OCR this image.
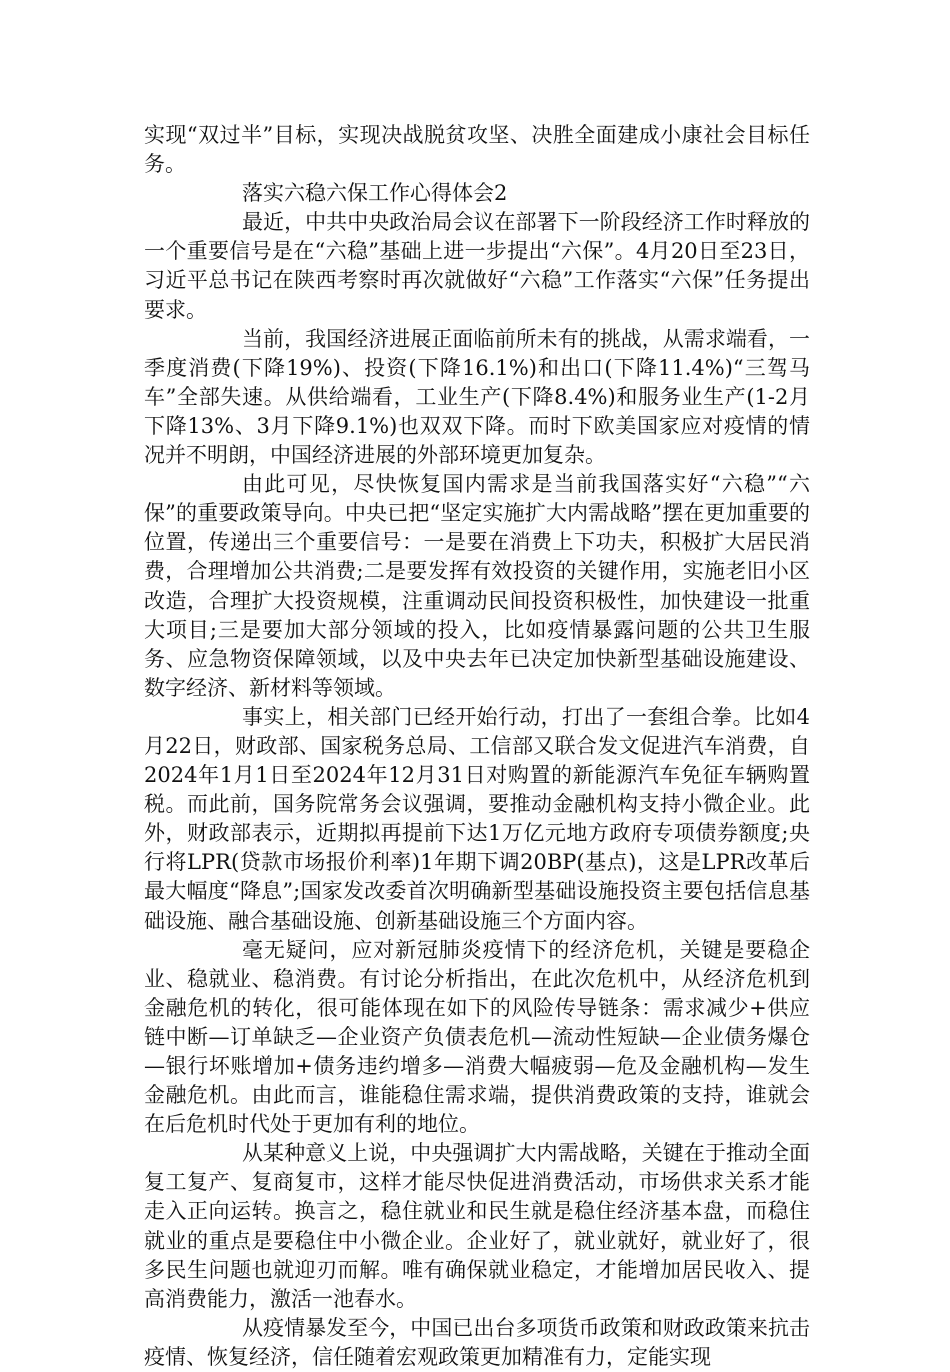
实现“双过半”目标，实现决战脱贫攻坚、决胜全面建成小康社会目标任务。

落实六稳六保工作心得体会2

最近，中共中央政治局会议在部署下一阶段经济工作时释放的一个重要信号是在“六稳”基础上进一步提出“六保”。4月20日至23日，习近平总书记在陕西考察时再次就做好“六稳”工作落实“六保”任务提出要求。

当前，我国经济进展正面临前所未有的挑战，从需求端看，一季度消费(下降19%)、投资(下降16.1%)和出口(下降11.4%)“三驾马车”全部失速。从供给端看，工业生产(下降8.4%)和服务业生产(1-2月下降13%、3月下降9.1%)也双双下降。而时下欧美国家应对疫情的情况并不明朗，中国经济进展的外部环境更加复杂。

由此可见，尽快恢复国内需求是当前我国落实好“六稳”“六保”的重要政策导向。中央已把“坚定实施扩大内需战略”摆在更加重要的位置，传递出三个重要信号：一是要在消费上下功夫，积极扩大居民消费，合理增加公共消费;二是要发挥有效投资的关键作用，实施老旧小区改造，合理扩大投资规模，注重调动民间投资积极性，加快建设一批重大项目;三是要加大部分领域的投入，比如疫情暴露问题的公共卫生服务、应急物资保障领域，以及中央去年已决定加快新型基础设施建设、数字经济、新材料等领域。

事实上，相关部门已经开始行动，打出了一套组合拳。比如4月22日，财政部、国家税务总局、工信部又联合发文促进汽车消费，自2024年1月1日至2024年12月31日对购置的新能源汽车免征车辆购置税。而此前，国务院常务会议强调，要推动金融机构支持小微企业。此外，财政部表示，近期拟再提前下达1万亿元地方政府专项债券额度;央行将LPR(贷款市场报价利率)1年期下调20BP(基点)，这是LPR改革后最大幅度“降息”;国家发改委首次明确新型基础设施投资主要包括信息基础设施、融合基础设施、创新基础设施三个方面内容。

毫无疑问，应对新冠肺炎疫情下的经济危机，关键是要稳企业、稳就业、稳消费。有讨论分析指出，在此次危机中，从经济危机到金融危机的转化，很可能体现在如下的风险传导链条：需求减少+供应链中断—订单缺乏—企业资产负债表危机—流动性短缺—企业债务爆仓—银行坏账增加+债务违约增多—消费大幅疲弱—危及金融机构—发生金融危机。由此而言，谁能稳住需求端，提供消费政策的支持，谁就会在后危机时代处于更加有利的地位。

从某种意义上说，中央强调扩大内需战略，关键在于推动全面复工复产、复商复市，这样才能尽快促进消费活动，市场供求关系才能走入正向运转。换言之，稳住就业和民生就是稳住经济基本盘，而稳住就业的重点是要稳住中小微企业。企业好了，就业就好，就业好了，很多民生问题也就迎刃而解。唯有确保就业稳定，才能增加居民收入、提高消费能力，激活一池春水。

从疫情暴发至今，中国已出台多项货币政策和财政政策来抗击疫情、恢复经济，信任随着宏观政策更加精准有力，定能实现
